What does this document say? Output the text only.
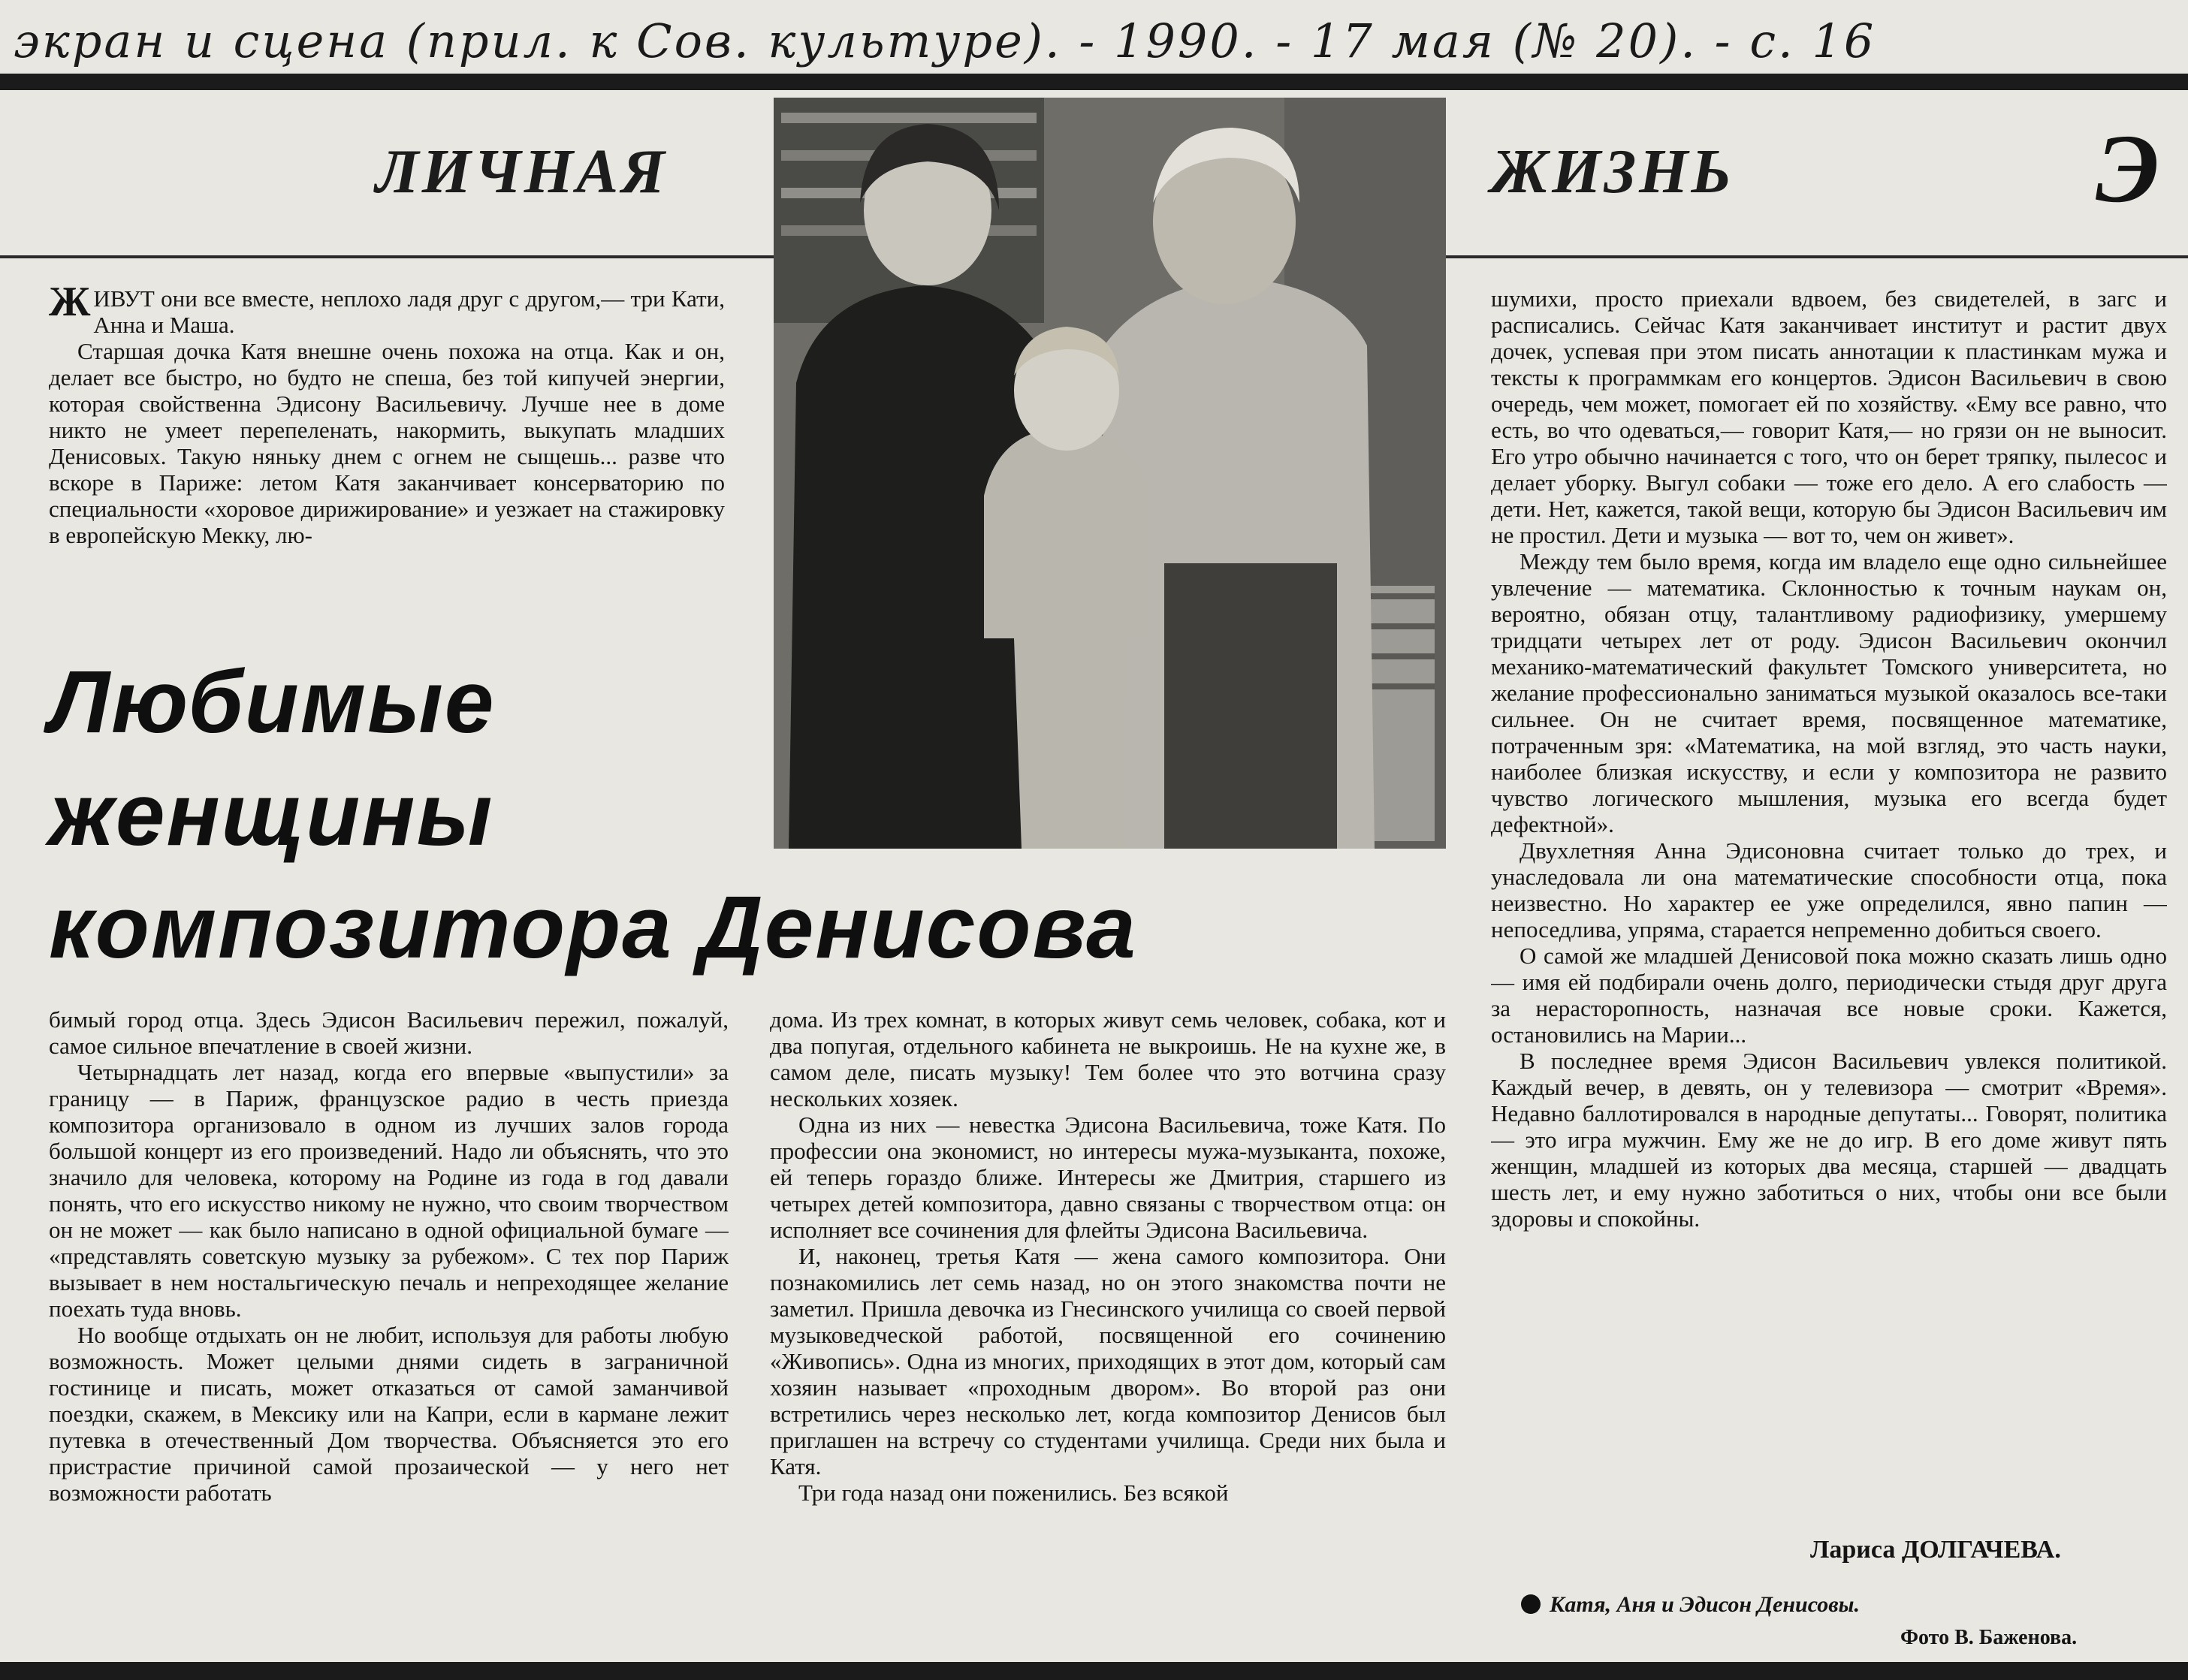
экран и сцена (прил. к Сов. культуре). - 1990. - 17 мая (№ 20). - с. 16
ЛИЧНАЯ	ЖИЗНЬ	Э
Любимые
женщины
композитора Денисова

ЖИВУТ они все вместе, неплохо ладя друг с другом,— три Кати, Анна и Маша.

Старшая дочка Катя внешне очень похожа на отца. Как и он, делает все быстро, но будто не спеша, без той кипучей энергии, которая свойственна Эдисону Васильевичу. Лучше нее в доме никто не умеет перепеленать, накормить, выкупать младших Денисовых. Такую няньку днем с огнем не сыщешь... разве что вскоре в Париже: летом Катя заканчивает консерваторию по специальности «хоровое дирижирование» и уезжает на стажировку в европейскую Мекку, лю-

бимый город отца. Здесь Эдисон Васильевич пережил, пожалуй, самое сильное впечатление в своей жизни.

Четырнадцать лет назад, когда его впервые «выпустили» за границу — в Париж, французское радио в честь приезда композитора организовало в одном из лучших залов города большой концерт из его произведений. Надо ли объяснять, что это значило для человека, которому на Родине из года в год давали понять, что его искусство никому не нужно, что своим творчеством он не может — как было написано в одной официальной бумаге — «представлять советскую музыку за рубежом». С тех пор Париж вызывает в нем ностальгическую печаль и непреходящее желание поехать туда вновь.

Но вообще отдыхать он не любит, используя для работы любую возможность. Может целыми днями сидеть в заграничной гостинице и писать, может отказаться от самой заманчивой поездки, скажем, в Мексику или на Капри, если в кармане лежит путевка в отечественный Дом творчества. Объясняется это его пристрастие причиной самой прозаической — у него нет возможности работать

дома. Из трех комнат, в которых живут семь человек, собака, кот и два попугая, отдельного кабинета не выкроишь. Не на кухне же, в самом деле, писать музыку! Тем более что это вотчина сразу нескольких хозяек.

Одна из них — невестка Эдисона Васильевича, тоже Катя. По профессии она экономист, но интересы мужа-музыканта, похоже, ей теперь гораздо ближе. Интересы же Дмитрия, старшего из четырех детей композитора, давно связаны с творчеством отца: он исполняет все сочинения для флейты Эдисона Васильевича.

И, наконец, третья Катя — жена самого композитора. Они познакомились лет семь назад, но он этого знакомства почти не заметил. Пришла девочка из Гнесинского училища со своей первой музыковедческой работой, посвященной его сочинению «Живопись». Одна из многих, приходящих в этот дом, который сам хозяин называет «проходным двором». Во второй раз они встретились через несколько лет, когда композитор Денисов был приглашен на встречу со студентами училища. Среди них была и Катя.

Три года назад они поженились. Без всякой

шумихи, просто приехали вдвоем, без свидетелей, в загс и расписались. Сейчас Катя заканчивает институт и растит двух дочек, успевая при этом писать аннотации к пластинкам мужа и тексты к программкам его концертов. Эдисон Васильевич в свою очередь, чем может, помогает ей по хозяйству. «Ему все равно, что есть, во что одеваться,— говорит Катя,— но грязи он не выносит. Его утро обычно начинается с того, что он берет тряпку, пылесос и делает уборку. Выгул собаки — тоже его дело. А его слабость — дети. Нет, кажется, такой вещи, которую бы Эдисон Васильевич им не простил. Дети и музыка — вот то, чем он живет».

Между тем было время, когда им владело еще одно сильнейшее увлечение — математика. Склонностью к точным наукам он, вероятно, обязан отцу, талантливому радиофизику, умершему тридцати четырех лет от роду. Эдисон Васильевич окончил механико-математический факультет Томского университета, но желание профессионально заниматься музыкой оказалось все-таки сильнее. Он не считает время, посвященное математике, потраченным зря: «Математика, на мой взгляд, это часть науки, наиболее близкая искусству, и если у композитора не развито чувство логического мышления, музыка его всегда будет дефектной».

Двухлетняя Анна Эдисоновна считает только до трех, и унаследовала ли она математические способности отца, пока неизвестно. Но характер ее уже определился, явно папин — непоседлива, упряма, старается непременно добиться своего.

О самой же младшей Денисовой пока можно сказать лишь одно — имя ей подбирали очень долго, периодически стыдя друг друга за нерасторопность, назначая все новые сроки. Кажется, остановились на Марии...

В последнее время Эдисон Васильевич увлекся политикой. Каждый вечер, в девять, он у телевизора — смотрит «Время». Недавно баллотировался в народные депутаты... Говорят, политика — это игра мужчин. Ему же не до игр. В его доме живут пять женщин, младшей из которых два месяца, старшей — двадцать шесть лет, и ему нужно заботиться о них, чтобы они все были здоровы и спокойны.

Лариса ДОЛГАЧЕВА.
Катя, Аня и Эдисон Денисовы.
Фото В. Баженова.
